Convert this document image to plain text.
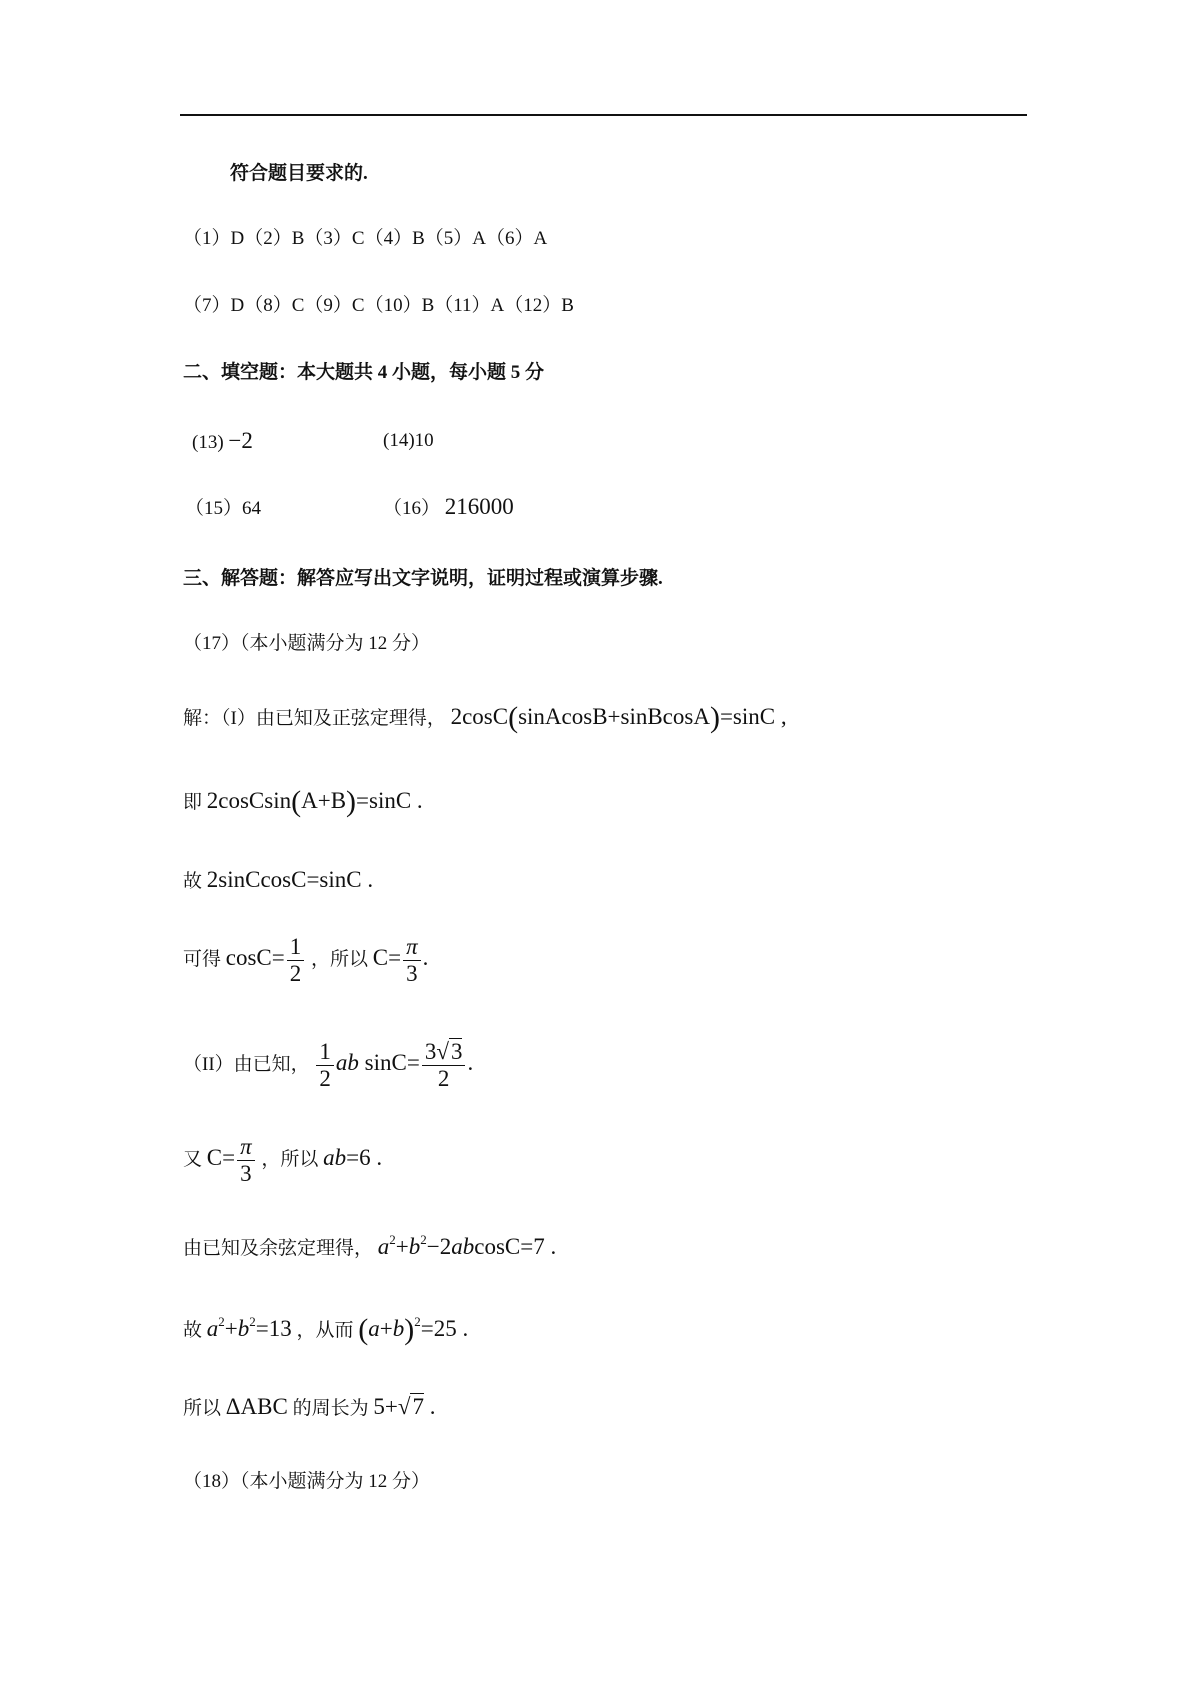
符合题目要求的.
（1）D（2）B（3）C（4）B（5）A（6）A
（7）D（8）C（9）C（10）B（11）A（12）B
二、填空题：本大题共 4 小题，每小题 5 分
(13) −2	(14)10
（15）64	（16） 216000
三、解答题：解答应写出文字说明，证明过程或演算步骤.
（17）（本小题满分为 12 分）
解：（I）由已知及正弦定理得， 2cosC(sinAcosB+sinBcosA)=sinC ,
即 2cosCsin(A+B)=sinC .
故 2sinCcosC=sinC .
可得 $\cos C= \frac{1}{2}$ ，所以 $C= \frac{\pi}{3}$ .
（II）由已知， $\frac{1}{2}$ ab $\sin C= \frac{3√3}{2}$ .
又 $C= \frac{\pi}{3}$ ，所以 ab=6 .
由已知及余弦定理得， $a^2+b^2-2abcosC=7$ .
故 $a^2+b^2=13$ ，从而 $(a+b)^2=25$ .
所以 ΔABC 的周长为 5+√7 .
（18）（本小题满分为 12 分）
